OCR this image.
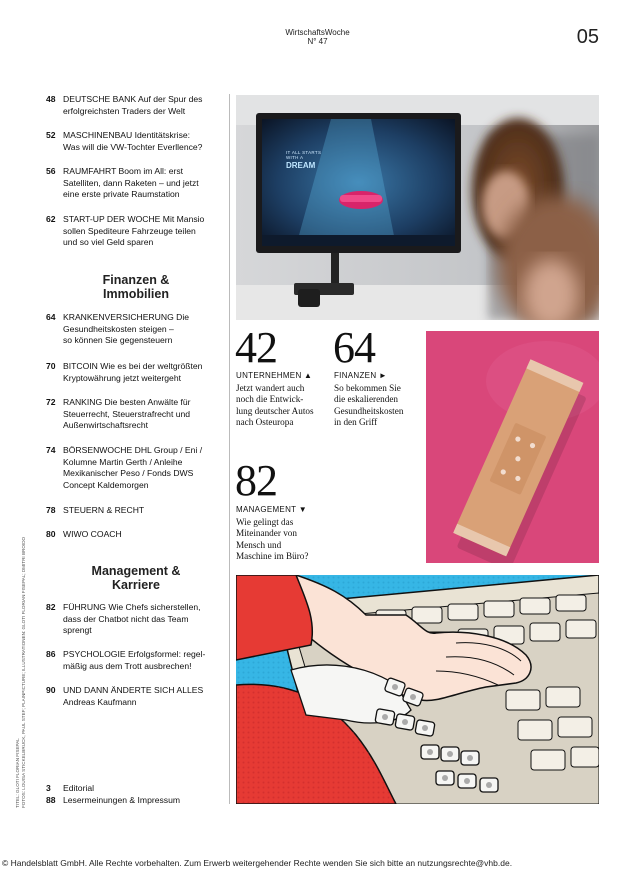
WirtschaftsWoche
N° 47	05
48 DEUTSCHE BANK Auf der Spur des
erfolgreichsten Traders der Welt
52 MASCHINENBAU Identitätskrise:
Was will die VW-Tochter Everllence?
56 RAUMFAHRT Boom im All: erst
Satelliten, dann Raketen – und jetzt
eine erste private Raumstation
62 START-UP DER WOCHE Mit Mansio
sollen Spediteure Fahrzeuge teilen
und so viel Geld sparen
Finanzen &
Immobilien
64 KRANKENVERSICHERUNG Die
Gesundheitskosten steigen –
so können Sie gegensteuern
70 BITCOIN Wie es bei der weltgrößten
Kryptowährung jetzt weitergeht
72 RANKING Die besten Anwälte für
Steuerrecht, Steuerstrafrecht und
Außenwirtschaftsrecht
74 BÖRSENWOCHE DHL Group / Eni /
Kolumne Martin Gerth / Anleihe
Mexikanischer Peso / Fonds DWS
Concept Kaldemorgen
78 STEUERN & RECHT
80 WIWO COACH
Management &
Karriere
82 FÜHRUNG Wie Chefs sicherstellen,
dass der Chatbot nicht das Team
sprengt
86 PSYCHOLOGIE Erfolgsformel: regel-
mäßig aus dem Trott ausbrechen!
90 UND DANN ÄNDERTE SICH ALLES
Andreas Kaufmann
3	Editorial
88 Lesermeinungen & Impressum
TITEL: GLOTI FLORIAN FISEPAL FOTOS: LOUISA STICKELBRUCK, PAUL STEF; PLAINPICTURE; ILLUSTRATIONEN: GLOTI FLORIAN FISEPAL; DMITRI BROIDO
IT ALL STARTS
WITH A
DREAM
42
UNTERNEHMEN ▲
Jetzt wandert auch
noch die Entwick-
lung deutscher Autos
nach Osteuropa
64
FINANZEN ►
So bekommen Sie
die eskalierenden
Gesundheitskosten
in den Griff
82
MANAGEMENT ▼
Wie gelingt das
Miteinander von
Mensch und
Maschine im Büro?
© Handelsblatt GmbH. Alle Rechte vorbehalten. Zum Erwerb weitergehender Rechte wenden Sie sich bitte an nutzungsrechte@vhb.de.
